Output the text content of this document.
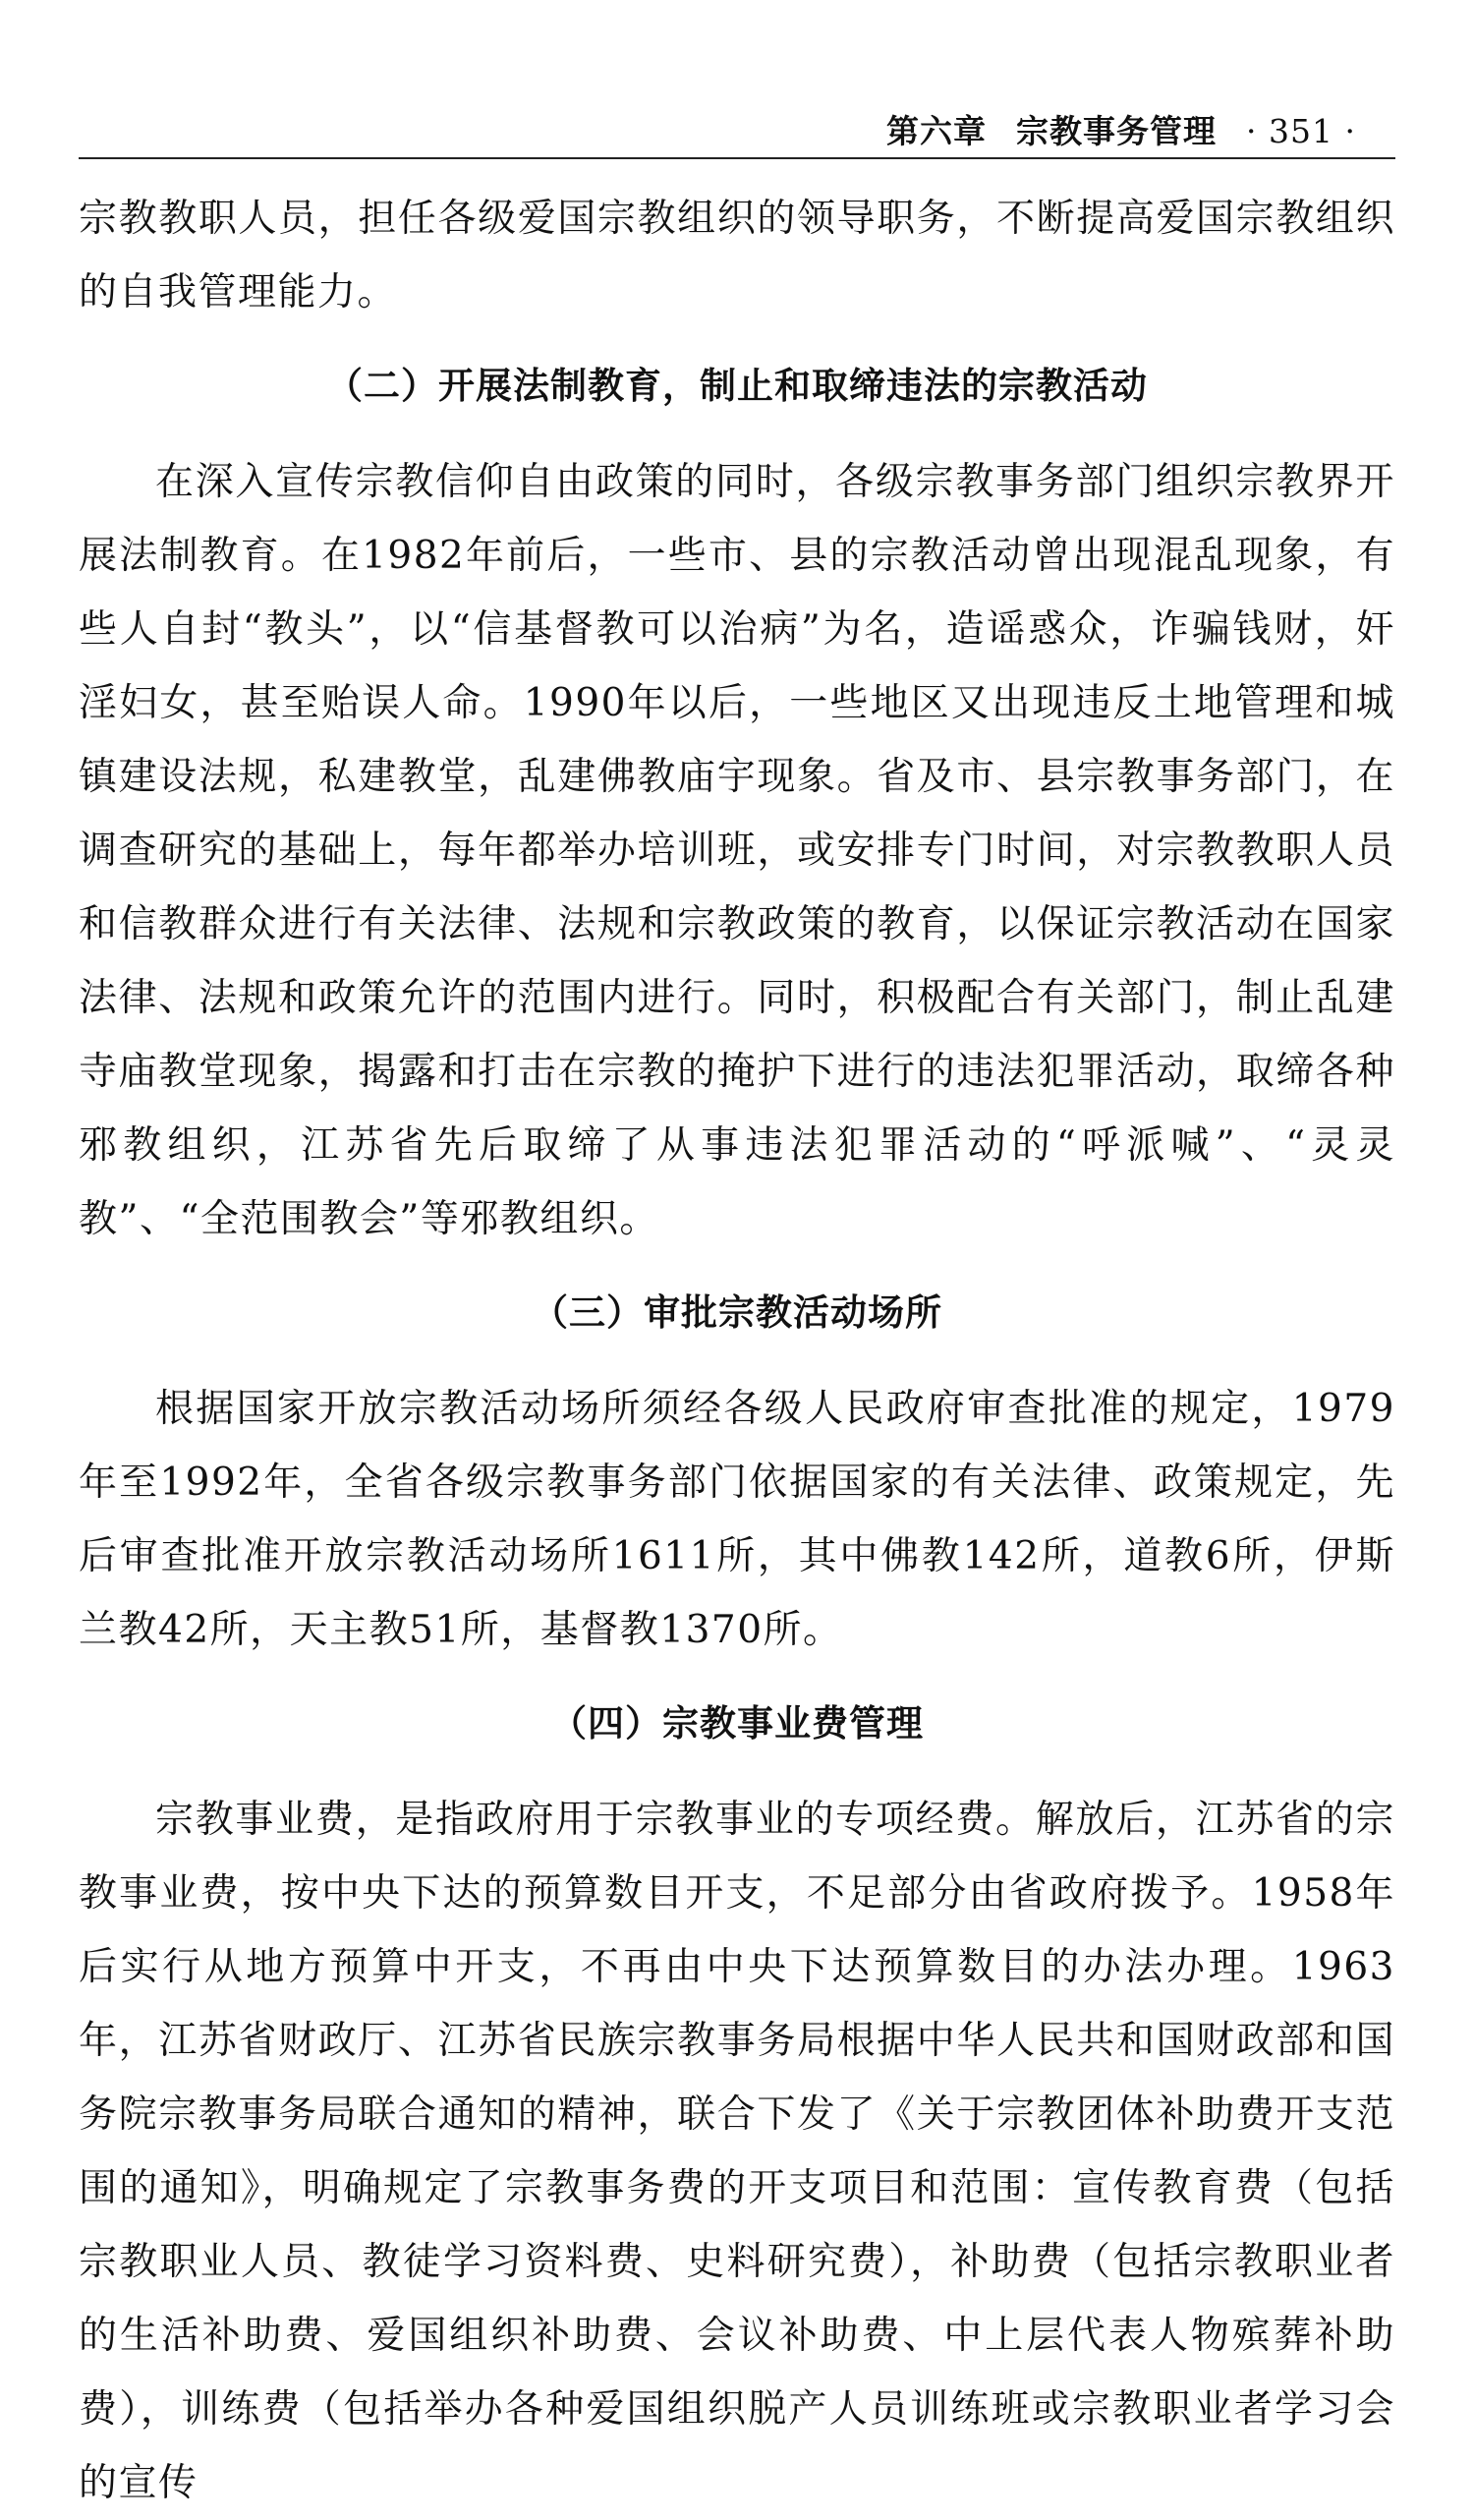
第六章 宗教事务管理 · 351 ·

宗教教职人员，担任各级爱国宗教组织的领导职务，不断提高爱国宗教组织的自我管理能力。

（二）开展法制教育，制止和取缔违法的宗教活动

在深入宣传宗教信仰自由政策的同时，各级宗教事务部门组织宗教界开展法制教育。在1982年前后，一些市、县的宗教活动曾出现混乱现象，有些人自封“教头”，以“信基督教可以治病”为名，造谣惑众，诈骗钱财，奸淫妇女，甚至贻误人命。1990年以后，一些地区又出现违反土地管理和城镇建设法规，私建教堂，乱建佛教庙宇现象。省及市、县宗教事务部门，在调查研究的基础上，每年都举办培训班，或安排专门时间，对宗教教职人员和信教群众进行有关法律、法规和宗教政策的教育，以保证宗教活动在国家法律、法规和政策允许的范围内进行。同时，积极配合有关部门，制止乱建寺庙教堂现象，揭露和打击在宗教的掩护下进行的违法犯罪活动，取缔各种邪教组织，江苏省先后取缔了从事违法犯罪活动的“呼派喊”、“灵灵教”、“全范围教会”等邪教组织。

（三）审批宗教活动场所

根据国家开放宗教活动场所须经各级人民政府审查批准的规定，1979年至1992年，全省各级宗教事务部门依据国家的有关法律、政策规定，先后审查批准开放宗教活动场所1611所，其中佛教142所，道教6所，伊斯兰教42所，天主教51所，基督教1370所。

（四）宗教事业费管理

宗教事业费，是指政府用于宗教事业的专项经费。解放后，江苏省的宗教事业费，按中央下达的预算数目开支，不足部分由省政府拨予。1958年后实行从地方预算中开支，不再由中央下达预算数目的办法办理。1963年，江苏省财政厅、江苏省民族宗教事务局根据中华人民共和国财政部和国务院宗教事务局联合通知的精神，联合下发了《关于宗教团体补助费开支范围的通知》，明确规定了宗教事务费的开支项目和范围：宣传教育费（包括宗教职业人员、教徒学习资料费、史料研究费），补助费（包括宗教职业者的生活补助费、爱国组织补助费、会议补助费、中上层代表人物殡葬补助费），训练费（包括举办各种爱国组织脱产人员训练班或宗教职业者学习会的宣传
